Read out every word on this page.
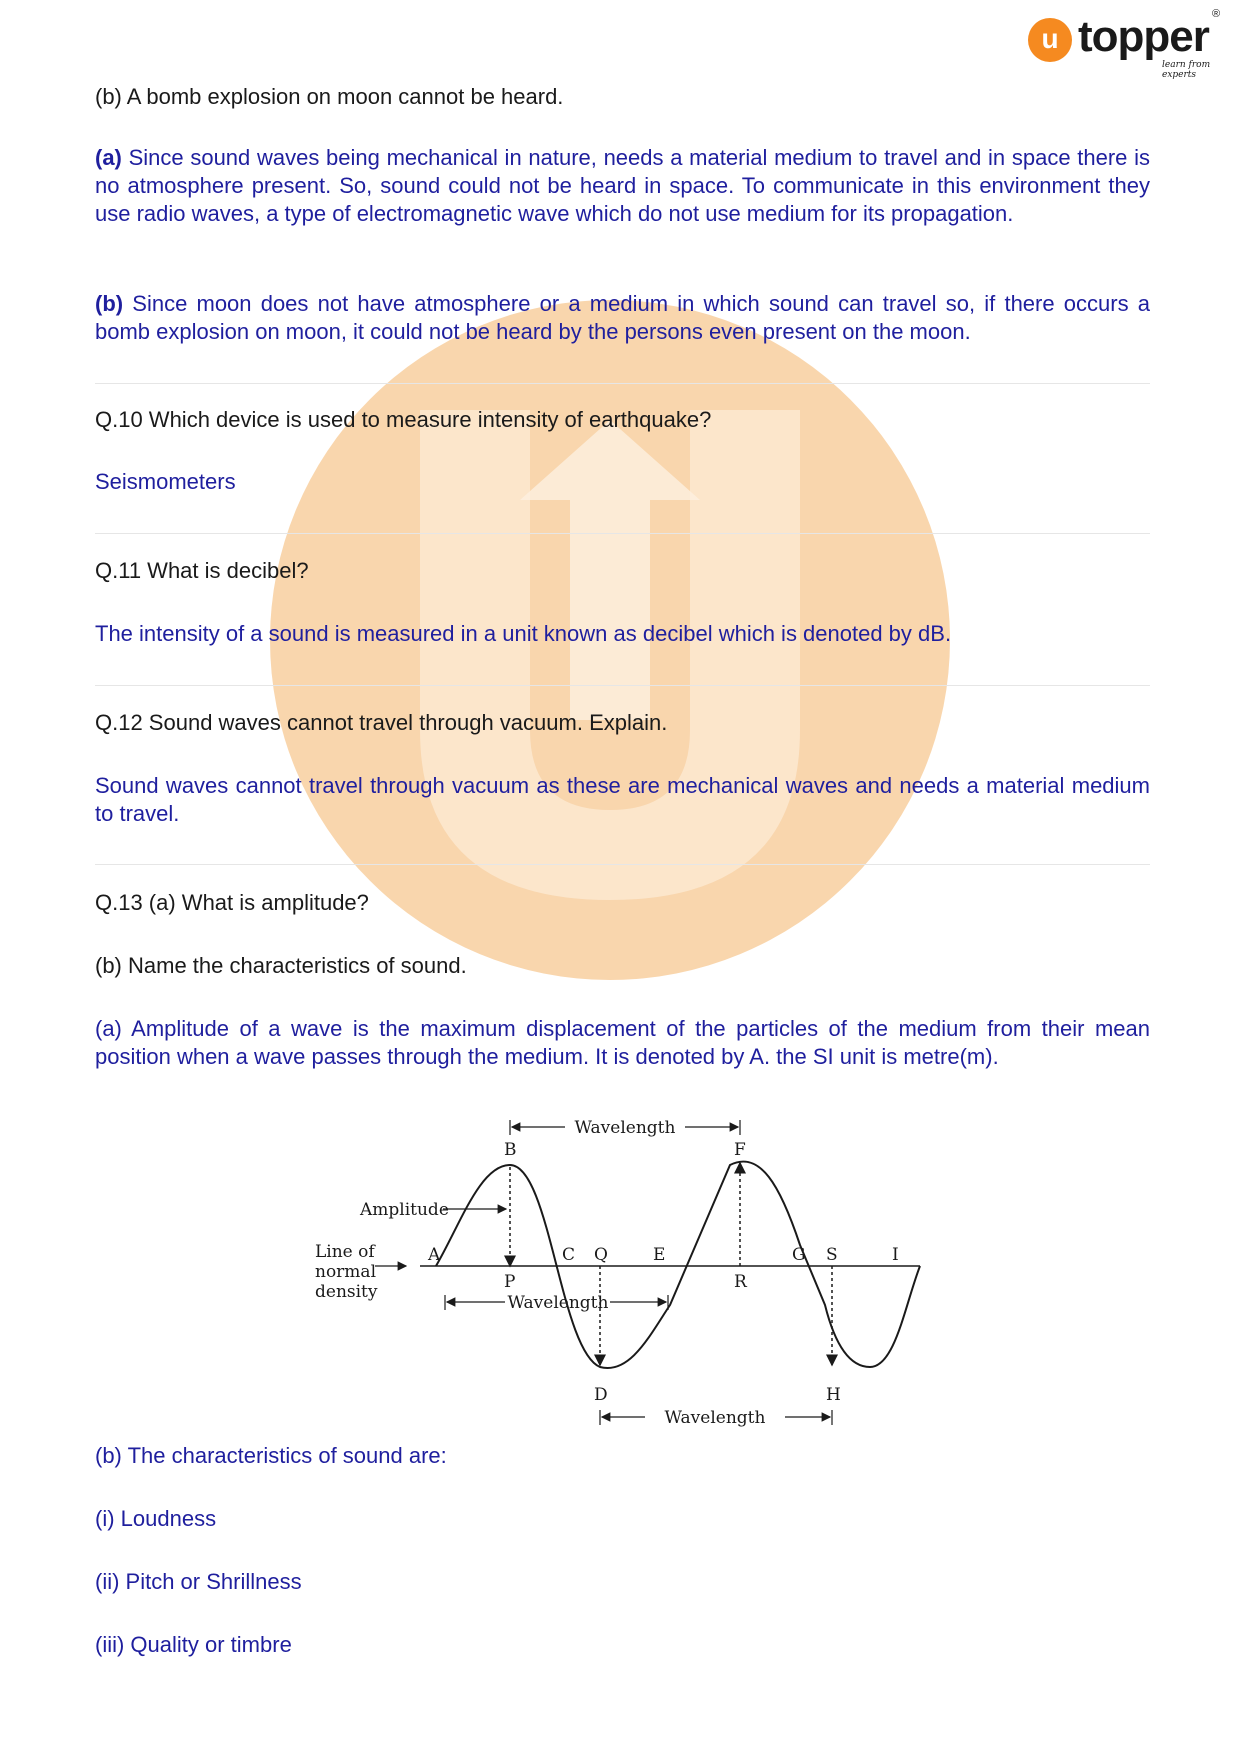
u topper ®
learn from experts

(b) A bomb explosion on moon cannot be heard.

(a) Since sound waves being mechanical in nature, needs a material medium to travel and in space there is no atmosphere present. So, sound could not be heard in space. To communicate in this environment they use radio waves, a type of electromagnetic wave which do not use medium for its propagation.

(b) Since moon does not have atmosphere or a medium in which sound can travel so, if there occurs a bomb explosion on moon, it could not be heard by the persons even present on the moon.

Q.10 Which device is used to measure intensity of earthquake?

Seismometers

Q.11 What is decibel?

The intensity of a sound is measured in a unit known as decibel which is denoted by dB.

Q.12 Sound waves cannot travel through vacuum. Explain.

Sound waves cannot travel through vacuum as these are mechanical waves and needs a material medium to travel.

Q.13 (a) What is amplitude?

(b) Name the characteristics of sound.

(a) Amplitude of a wave is the maximum displacement of the particles of the medium from their mean position when a wave passes through the medium. It is denoted by A. the SI unit is metre(m).

(b) The characteristics of sound are:

(i) Loudness

(ii) Pitch or Shrillness

(iii) Quality or timbre

Wavelength
Wavelength
Wavelength
Amplitude
Line of
normal
density
A
B
C
D
E
F
G
H
I
P
Q
R
S
